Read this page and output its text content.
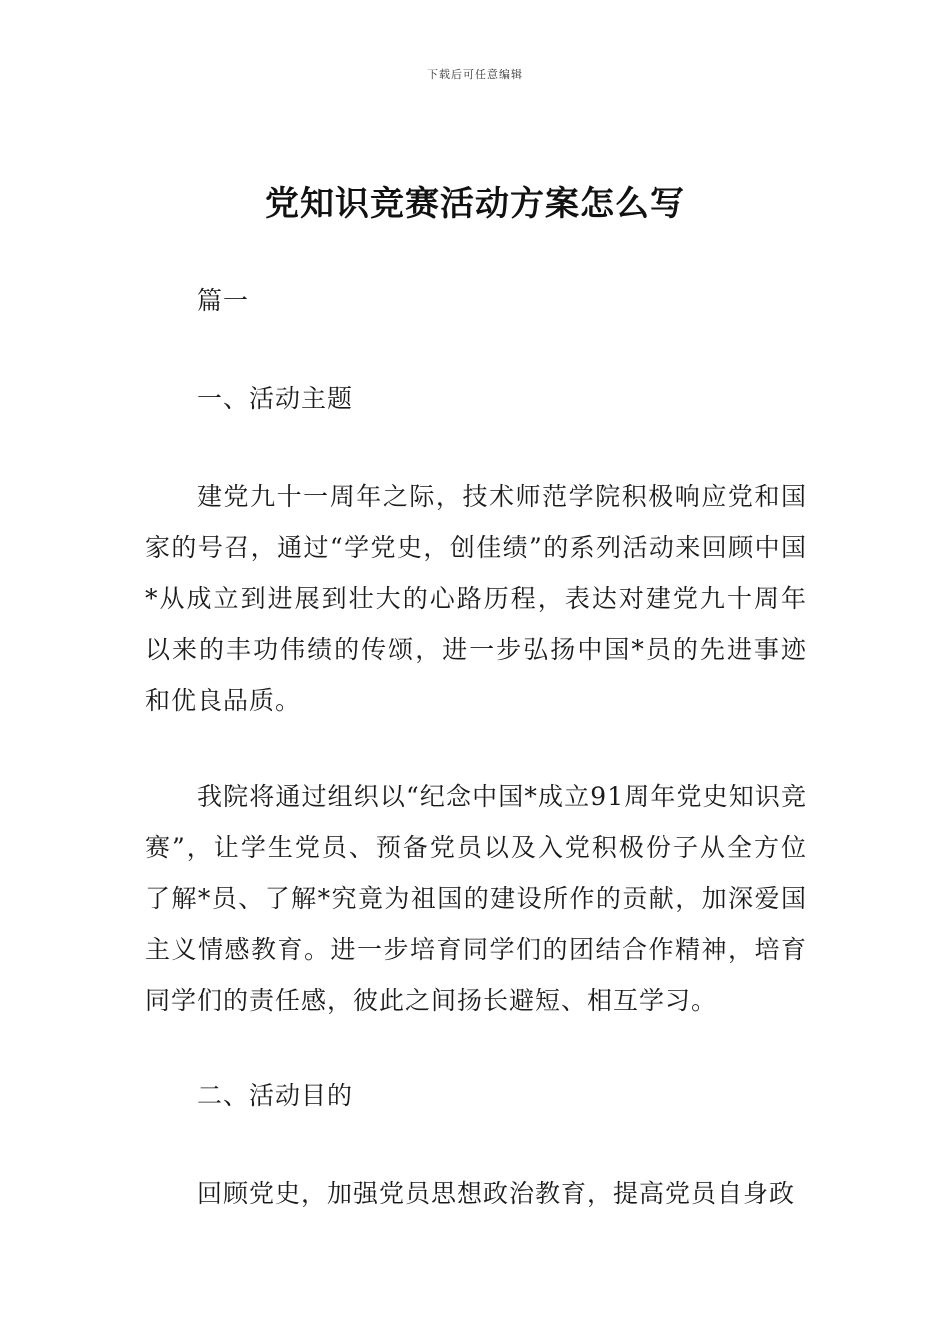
下载后可任意编辑
党知识竞赛活动方案怎么写

篇一

一、活动主题

建党九十一周年之际，技术师范学院积极响应党和国家的号召，通过“学党史，创佳绩”的系列活动来回顾中国*从成立到进展到壮大的心路历程，表达对建党九十周年以来的丰功伟绩的传颂，进一步弘扬中国*员的先进事迹和优良品质。

我院将通过组织以“纪念中国*成立91周年党史知识竞赛”，让学生党员、预备党员以及入党积极份子从全方位了解*员、了解*究竟为祖国的建设所作的贡献，加深爱国主义情感教育。进一步培育同学们的团结合作精神，培育同学们的责任感，彼此之间扬长避短、相互学习。

二、活动目的

回顾党史，加强党员思想政治教育，提高党员自身政
